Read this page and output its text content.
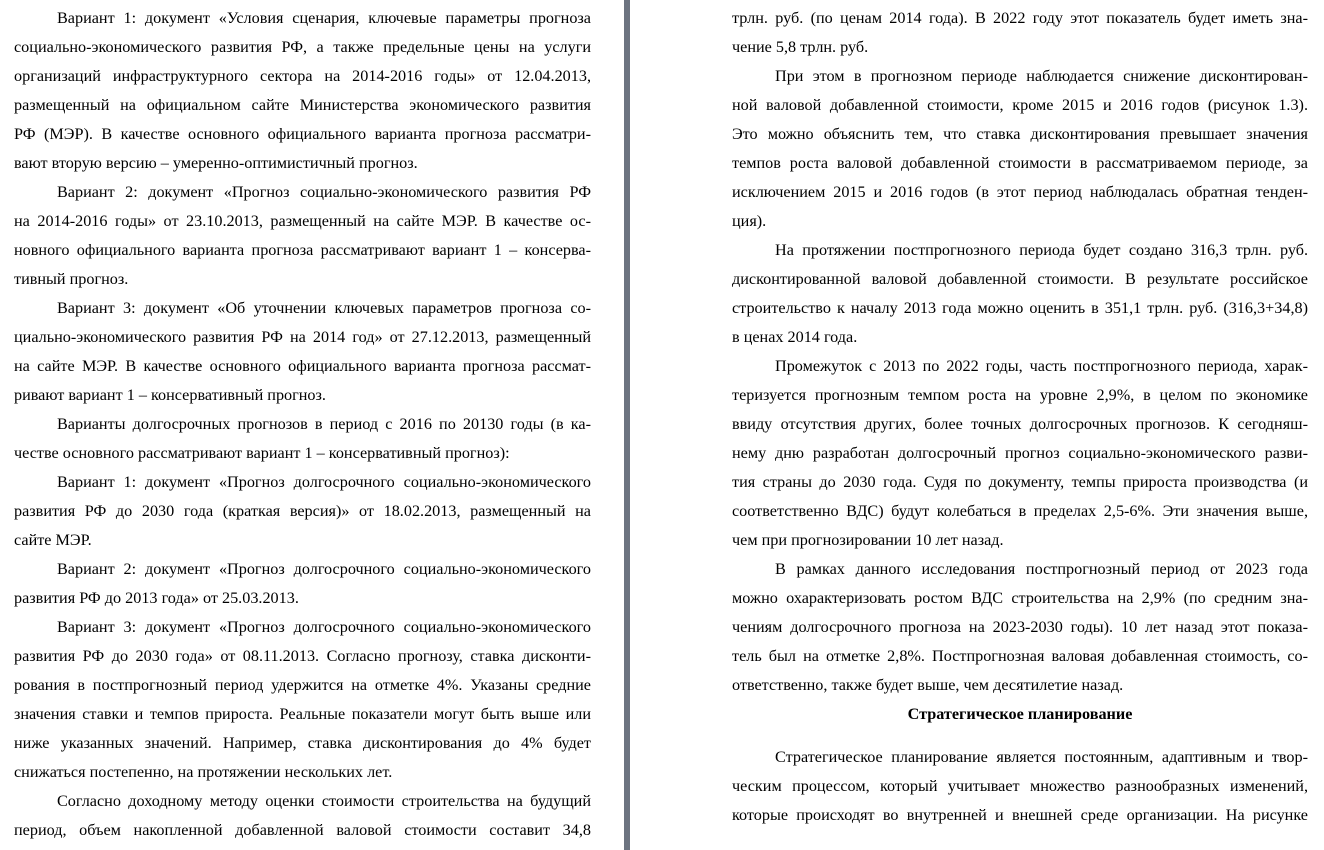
Вариант 1: документ «Условия сценария, ключевые параметры прогноза
социально-экономического развития РФ, а также предельные цены на услуги
организаций инфраструктурного сектора на 2014-2016 годы» от 12.04.2013,
размещенный на официальном сайте Министерства экономического развития
РФ (МЭР). В качестве основного официального варианта прогноза рассматри-
вают вторую версию – умеренно-оптимистичный прогноз.
Вариант 2: документ «Прогноз социально-экономического развития РФ
на 2014-2016 годы» от 23.10.2013, размещенный на сайте МЭР. В качестве ос-
новного официального варианта прогноза рассматривают вариант 1 – консерва-
тивный прогноз.
Вариант 3: документ «Об уточнении ключевых параметров прогноза со-
циально-экономического развития РФ на 2014 год» от 27.12.2013, размещенный
на сайте МЭР. В качестве основного официального варианта прогноза рассмат-
ривают вариант 1 – консервативный прогноз.
Варианты долгосрочных прогнозов в период с 2016 по 20130 годы (в ка-
честве основного рассматривают вариант 1 – консервативный прогноз):
Вариант 1: документ «Прогноз долгосрочного социально-экономического
развития РФ до 2030 года (краткая версия)» от 18.02.2013, размещенный на
сайте МЭР.
Вариант 2: документ «Прогноз долгосрочного социально-экономического
развития РФ до 2013 года» от 25.03.2013.
Вариант 3: документ «Прогноз долгосрочного социально-экономического
развития РФ до 2030 года» от 08.11.2013. Согласно прогнозу, ставка дисконти-
рования в постпрогнозный период удержится на отметке 4%. Указаны средние
значения ставки и темпов прироста. Реальные показатели могут быть выше или
ниже указанных значений. Например, ставка дисконтирования до 4% будет
снижаться постепенно, на протяжении нескольких лет.
Согласно доходному методу оценки стоимости строительства на будущий
период, объем накопленной добавленной валовой стоимости составит 34,8
трлн. руб. (по ценам 2014 года). В 2022 году этот показатель будет иметь зна-
чение 5,8 трлн. руб.
При этом в прогнозном периоде наблюдается снижение дисконтирован-
ной валовой добавленной стоимости, кроме 2015 и 2016 годов (рисунок 1.3).
Это можно объяснить тем, что ставка дисконтирования превышает значения
темпов роста валовой добавленной стоимости в рассматриваемом периоде, за
исключением 2015 и 2016 годов (в этот период наблюдалась обратная тенден-
ция).
На протяжении постпрогнозного периода будет создано 316,3 трлн. руб.
дисконтированной валовой добавленной стоимости. В результате российское
строительство к началу 2013 года можно оценить в 351,1 трлн. руб. (316,3+34,8)
в ценах 2014 года.
Промежуток с 2013 по 2022 годы, часть постпрогнозного периода, харак-
теризуется прогнозным темпом роста на уровне 2,9%, в целом по экономике
ввиду отсутствия других, более точных долгосрочных прогнозов. К сегодняш-
нему дню разработан долгосрочный прогноз социально-экономического разви-
тия страны до 2030 года. Судя по документу, темпы прироста производства (и
соответственно ВДС) будут колебаться в пределах 2,5-6%. Эти значения выше,
чем при прогнозировании 10 лет назад.
В рамках данного исследования постпрогнозный период от 2023 года
можно охарактеризовать ростом ВДС строительства на 2,9% (по средним зна-
чениям долгосрочного прогноза на 2023-2030 годы). 10 лет назад этот показа-
тель был на отметке 2,8%. Постпрогнозная валовая добавленная стоимость, со-
ответственно, также будет выше, чем десятилетие назад.
Стратегическое планирование
Стратегическое планирование является постоянным, адаптивным и твор-
ческим процессом, который учитывает множество разнообразных изменений,
которые происходят во внутренней и внешней среде организации. На рисунке
